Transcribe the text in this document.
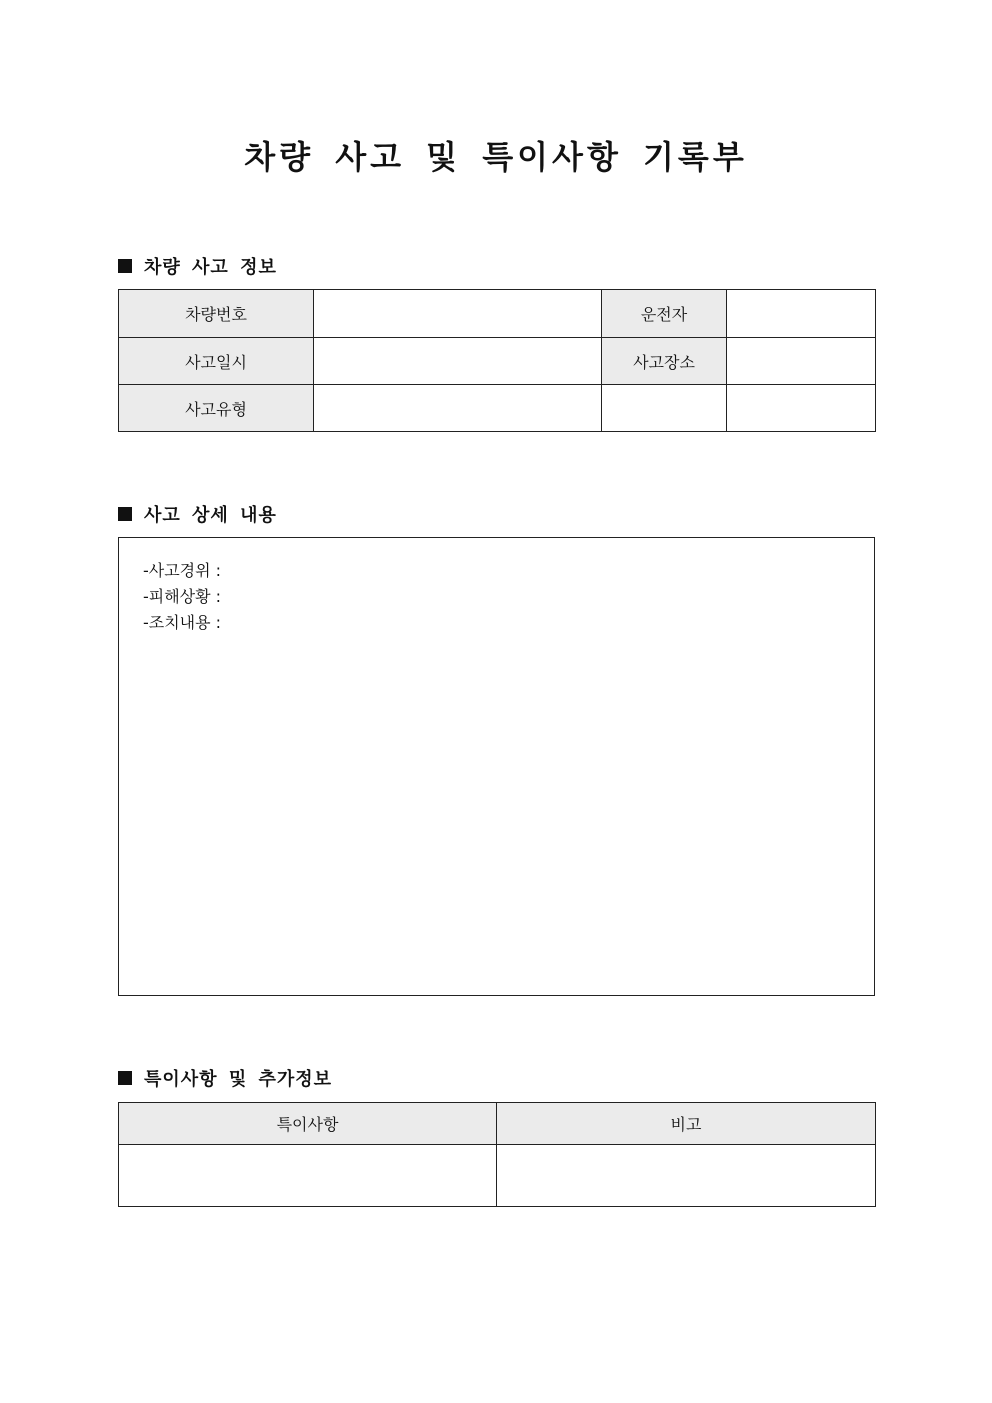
차량 사고 및 특이사항 기록부
차량 사고 정보
차량번호		운전자	
사고일시		사고장소	
사고유형			
사고 상세 내용
-사고경위 :
-피해상황 :
-조치내용 :
특이사항 및 추가정보
특이사항	비고
